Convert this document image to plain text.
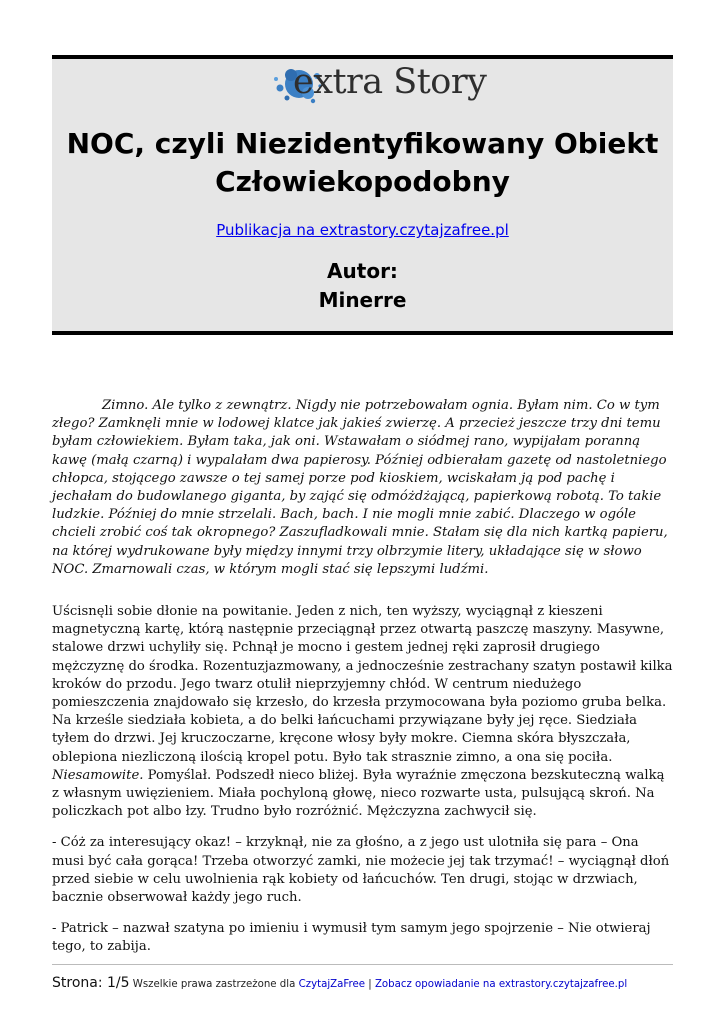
extra Story
NOC, czyli Niezidentyfikowany Obiekt
Człowiekopodobny
Publikacja na extrastory.czytajzafree.pl
Autor:
Minerre

Zimno. Ale tylko z zewnątrz. Nigdy nie potrzebowałam ognia. Byłam nim. Co w tym złego? Zamknęli mnie w lodowej klatce jak jakieś zwierzę. A przecież jeszcze trzy dni temu byłam człowiekiem. Byłam taka, jak oni. Wstawałam o siódmej rano, wypijałam poranną kawę (małą czarną) i wypalałam dwa papierosy. Później odbierałam gazetę od nastoletniego chłopca, stojącego zawsze o tej samej porze pod kioskiem, wciskałam ją pod pachę i jechałam do budowlanego giganta, by zająć się odmóżdżającą, papierkową robotą. To takie ludzkie. Później do mnie strzelali. Bach, bach. I nie mogli mnie zabić. Dlaczego w ogóle chcieli zrobić coś tak okropnego? Zaszufladkowali mnie. Stałam się dla nich kartką papieru, na której wydrukowane były między innymi trzy olbrzymie litery, układające się w słowo NOC. Zmarnowali czas, w którym mogli stać się lepszymi ludźmi.

Uścisnęli sobie dłonie na powitanie. Jeden z nich, ten wyższy, wyciągnął z kieszeni magnetyczną kartę, którą następnie przeciągnął przez otwartą paszczę maszyny. Masywne, stalowe drzwi uchyliły się. Pchnął je mocno i gestem jednej ręki zaprosił drugiego mężczyznę do środka. Rozentuzjazmowany, a jednocześnie zestrachany szatyn postawił kilka kroków do przodu. Jego twarz otulił nieprzyjemny chłód. W centrum niedużego pomieszczenia znajdowało się krzesło, do krzesła przymocowana była poziomo gruba belka. Na krześle siedziała kobieta, a do belki łańcuchami przywiązane były jej ręce. Siedziała tyłem do drzwi. Jej kruczoczarne, kręcone włosy były mokre. Ciemna skóra błyszczała, oblepiona niezliczoną ilością kropel potu. Było tak strasznie zimno, a ona się pociła. Niesamowite. Pomyślał. Podszedł nieco bliżej. Była wyraźnie zmęczona bezskuteczną walką z własnym uwięzieniem. Miała pochyloną głowę, nieco rozwarte usta, pulsującą skroń. Na policzkach pot albo łzy. Trudno było rozróżnić. Mężczyzna zachwycił się.

- Cóż za interesujący okaz! – krzyknął, nie za głośno, a z jego ust ulotniła się para – Ona musi być cała gorąca! Trzeba otworzyć zamki, nie możecie jej tak trzymać! – wyciągnął dłoń przed siebie w celu uwolnienia rąk kobiety od łańcuchów. Ten drugi, stojąc w drzwiach, bacznie obserwował każdy jego ruch.

- Patrick – nazwał szatyna po imieniu i wymusił tym samym jego spojrzenie – Nie otwieraj tego, to zabija.

Strona: 1/5 Wszelkie prawa zastrzeżone dla CzytajZaFree | Zobacz opowiadanie na extrastory.czytajzafree.pl
